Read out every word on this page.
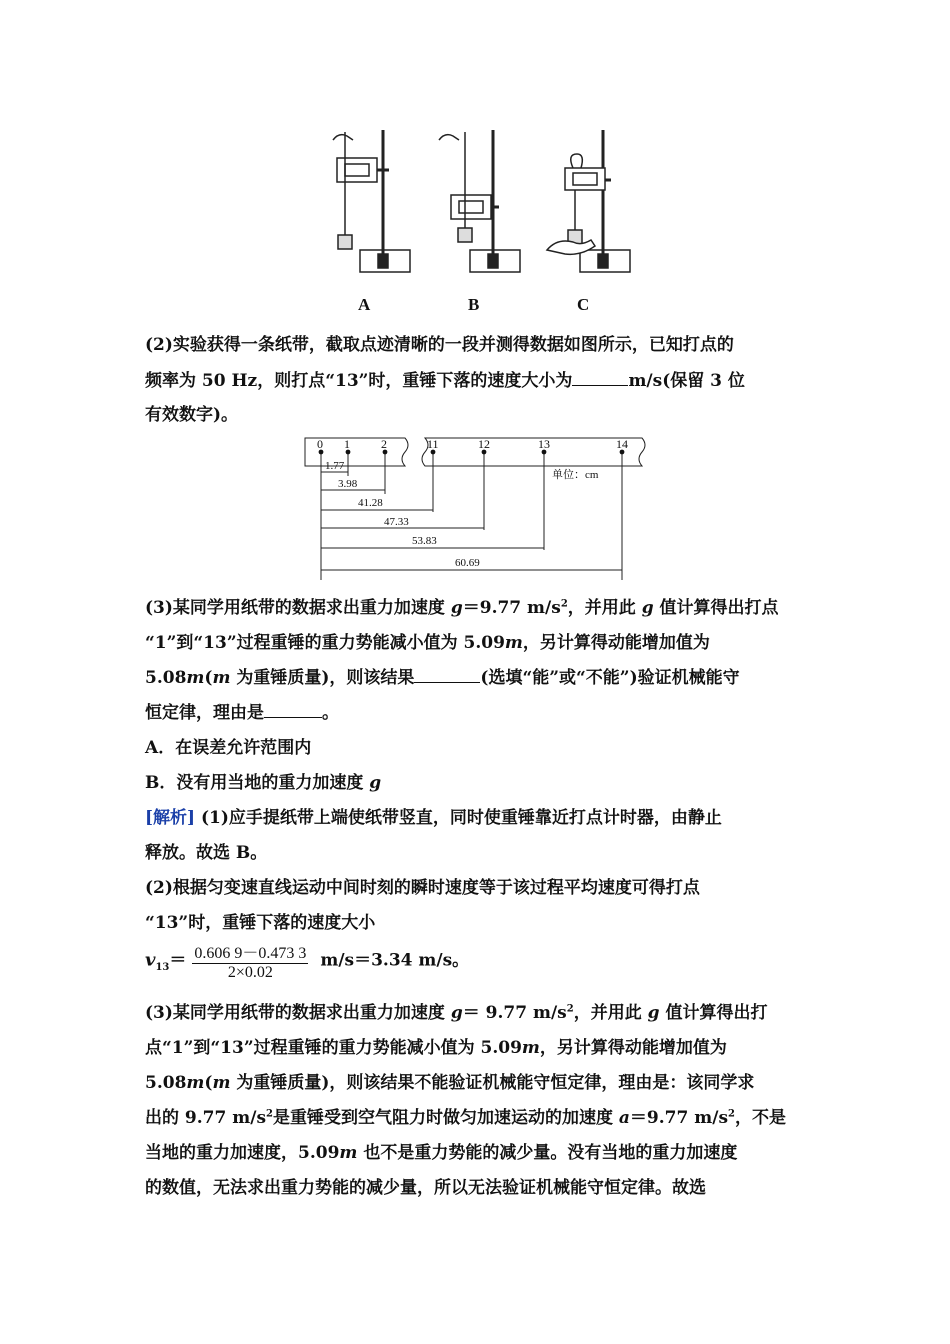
A	B	C
(2)实验获得一条纸带，截取点迹清晰的一段并测得数据如图所示，已知打点的
频率为 50 Hz，则打点“13”时，重锤下落的速度大小为	m/s(保留 3 位
有效数字)。
0 1	2	11	12	13	14
单位：cm
1.77
3.98
41.28
47.33
53.83
60.69
(3)某同学用纸带的数据求出重力加速度 g＝9.77 $m/s^2$，并用此 g 值计算得出打点
“1”到“13”过程重锤的重力势能减小值为 5.09m，另计算得动能增加值为
5.08m(m 为重锤质量)，则该结果	(选填“能”或“不能”)验证机械能守
恒定律，理由是	。
A．在误差允许范围内
B．没有用当地的重力加速度 g
[解析] (1)应手提纸带上端使纸带竖直，同时使重锤靠近打点计时器，由静止
释放。故选 B。
(2)根据匀变速直线运动中间时刻的瞬时速度等于该过程平均速度可得打点
“13”时，重锤下落的速度大小
$v_{13}= \frac{0.606 9-0.473 3}{2\times 0.02} m/s=3.34$ m/s。
(3)某同学用纸带的数据求出重力加速度 g＝ 9.77 $m/s^2$，并用此 g 值计算得出打
点“1”到“13”过程重锤的重力势能减小值为 5.09m，另计算得动能增加值为
5.08m(m 为重锤质量)，则该结果不能验证机械能守恒定律，理由是：该同学求
出的 9.77 $m/s^2$是重锤受到空气阻力时做匀加速运动的加速度 a＝9.77 $m/s^2$，不是
当地的重力加速度，5.09m 也不是重力势能的减少量。没有当地的重力加速度
的数值，无法求出重力势能的减少量，所以无法验证机械能守恒定律。故选
